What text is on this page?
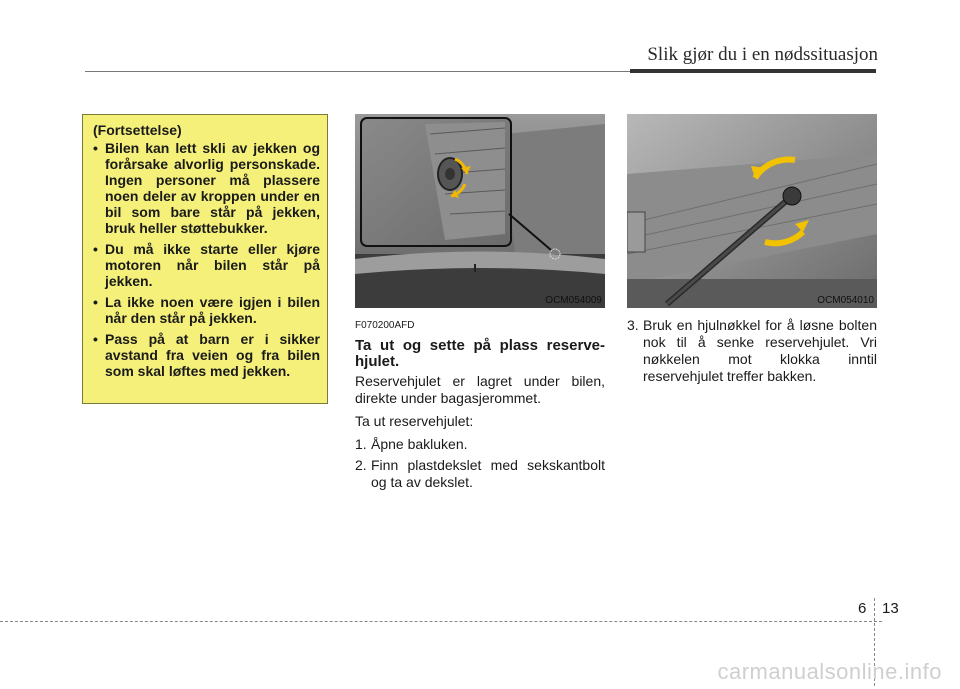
Slik gjør du i en nødssituasjon
(Fortsettelse)
• Bilen kan lett skli av jekken og forårsake alvorlig personskade. Ingen personer må plassere noen deler av kroppen under en bil som bare står på jekken, bruk heller støttebukker.
• Du må ikke starte eller kjøre motoren når bilen står på jekken.
• La ikke noen være igjen i bilen når den står på jekken.
• Pass på at barn er i sikker avstand fra veien og fra bilen som skal løftes med jekken.
OCM054009	OCM054010
F070200AFD
Ta ut og sette på plass reserve-hjulet.
Reservehjulet er lagret under bilen, direkte under bagasjerommet.
Ta ut reservehjulet:
1. Åpne bakluken.
2. Finn plastdekslet med sekskantbolt og ta av dekslet.
3. Bruk en hjulnøkkel for å løsne bolten nok til å senke reservehjulet. Vri nøkkelen mot klokka inntil reservehjulet treffer bakken.
6 13
carmanualsonline.info
